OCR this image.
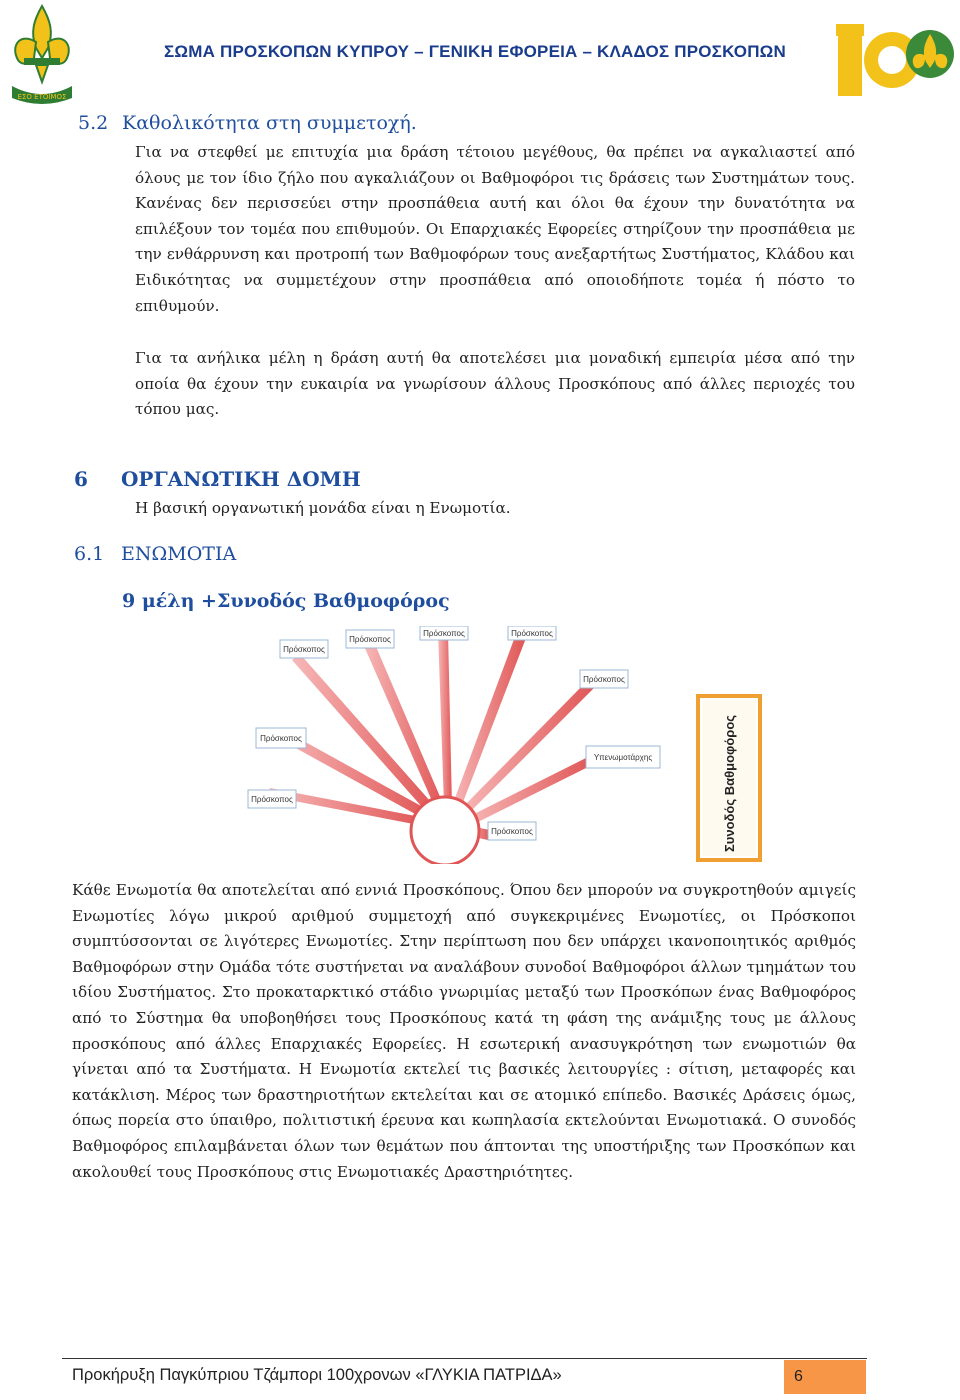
ΕΣΟ ΕΤΟΙΜΟΣ
ΣΩΜΑ ΠΡΟΣΚΟΠΩΝ ΚΥΠΡΟΥ – ΓΕΝΙΚΗ ΕΦΟΡΕΙΑ – ΚΛΑΔΟΣ ΠΡΟΣΚΟΠΩΝ
100
5.2 Καθολικότητα στη συμμετοχή.
Για να στεφθεί με επιτυχία μια δράση τέτοιου μεγέθους, θα πρέπει να αγκαλιαστεί από όλους με τον ίδιο ζήλο που αγκαλιάζουν οι Βαθμοφόροι τις δράσεις των Συστημάτων τους. Κανένας δεν περισσεύει στην προσπάθεια αυτή και όλοι θα έχουν την δυνατότητα να επιλέξουν τον τομέα που επιθυμούν. Οι Επαρχιακές Εφορείες στηρίζουν την προσπάθεια με την ενθάρρυνση και προτροπή των Βαθμοφόρων τους ανεξαρτήτως Συστήματος, Κλάδου και Ειδικότητας να συμμετέχουν στην προσπάθεια από οποιοδήποτε τομέα ή πόστο το επιθυμούν.
Για τα ανήλικα μέλη η δράση αυτή θα αποτελέσει μια μοναδική εμπειρία μέσα από την οποία θα έχουν την ευκαιρία να γνωρίσουν άλλους Προσκόπους από άλλες περιοχές του τόπου μας.
6 ΟΡΓΑΝΩΤΙΚΗ ΔΟΜΗ
Η βασική οργανωτική μονάδα είναι η Ενωμοτία.
6.1 ΕΝΩΜΟΤΙΑ
9 μέλη +Συνοδός Βαθμοφόρος
Πρόσκοπος
Πρόσκοπος
Πρόσκοπος	Πρόσκοπος
Πρόσκοπος
Πρόσκοπος
Πρόσκοπος
Πρόσκοπος
Υπενωμοτάρχης	Συνοδός Βαθμοφόρος
Κάθε Ενωμοτία θα αποτελείται από εννιά Προσκόπους. Όπου δεν μπορούν να συγκροτηθούν αμιγείς Ενωμοτίες λόγω μικρού αριθμού συμμετοχή από συγκεκριμένες Ενωμοτίες, οι Πρόσκοποι συμπτύσσονται σε λιγότερες Ενωμοτίες. Στην περίπτωση που δεν υπάρχει ικανοποιητικός αριθμός Βαθμοφόρων στην Ομάδα τότε συστήνεται να αναλάβουν συνοδοί Βαθμοφόροι άλλων τμημάτων του ιδίου Συστήματος. Στο προκαταρκτικό στάδιο γνωριμίας μεταξύ των Προσκόπων ένας Βαθμοφόρος από το Σύστημα θα υποβοηθήσει τους Προσκόπους κατά τη φάση της ανάμιξης τους με άλλους προσκόπους από άλλες Επαρχιακές Εφορείες. Η εσωτερική ανασυγκρότηση των ενωμοτιών θα γίνεται από τα Συστήματα. Η Ενωμοτία εκτελεί τις βασικές λειτουργίες : σίτιση, μεταφορές και κατάκλιση. Μέρος των δραστηριοτήτων εκτελείται και σε ατομικό επίπεδο. Βασικές Δράσεις όμως, όπως πορεία στο ύπαιθρο, πολιτιστική έρευνα και κωπηλασία εκτελούνται Ενωμοτιακά. Ο συνοδός Βαθμοφόρος επιλαμβάνεται όλων των θεμάτων που άπτονται της υποστήριξης των Προσκόπων και ακολουθεί τους Προσκόπους στις Ενωμοτιακές Δραστηριότητες.
Προκήρυξη Παγκύπριου Τζάμπορι 100χρονων «ΓΛΥΚΙΑ ΠΑΤΡΙΔΑ»	6
